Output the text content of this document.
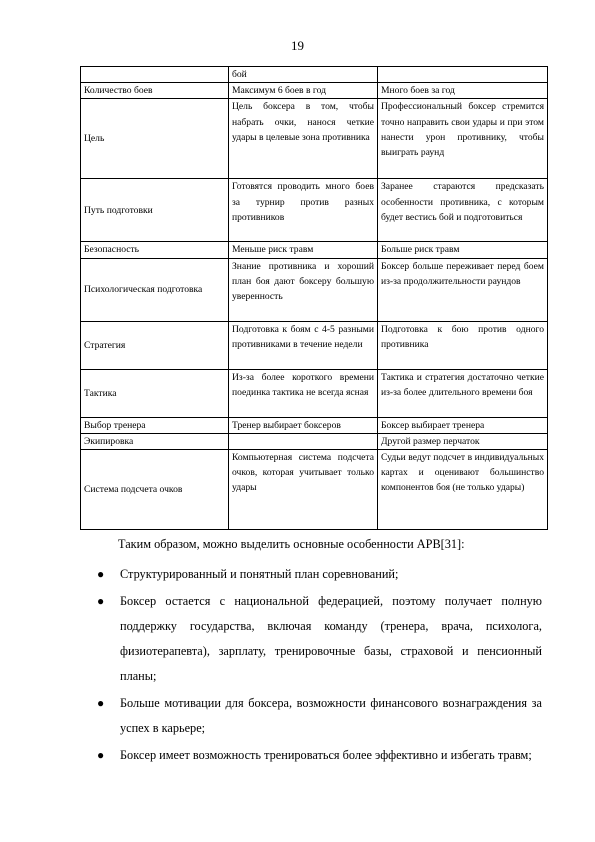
19
	бой	
Количество боев	Максимум 6 боев в год	Много боев за год
Цель	Цель боксера в том, чтобы набрать очки, нанося четкие удары в целевые зона противника	Профессиональный боксер стремится точно направить свои удары и при этом нанести урон противнику, чтобы выиграть раунд
Путь подготовки	Готовятся проводить много боев за турнир против разных противников	Заранее стараются предсказать особенности противника, с которым будет вестись бой и подготовиться
Безопасность	Меньше риск травм	Больше риск травм
Психологическая подготовка	Знание противника и хороший план боя дают боксеру большую уверенность	Боксер больше переживает перед боем из-за продолжительности раундов
Стратегия	Подготовка к боям с 4-5 разными противниками в течение недели	Подготовка к бою против одного противника
Тактика	Из-за более короткого времени поединка тактика не всегда ясная	Тактика и стратегия достаточно четкие из-за более длительного времени боя
Выбор тренера	Тренер выбирает боксеров	Боксер выбирает тренера
Экипировка		Другой размер перчаток
Система подсчета очков	Компьютерная система подсчета очков, которая учитывает только удары	Судьи ведут подсчет в индивидуальных картах и оценивают большинство компонентов боя (не только удары)
Таким образом, можно выделить основные особенности АРВ[31]:
● Структурированный и понятный план соревнований;
● Боксер остается с национальной федерацией, поэтому получает полную поддержку государства, включая команду (тренера, врача, психолога, физиотерапевта), зарплату, тренировочные базы, страховой и пенсионный планы;
● Больше мотивации для боксера, возможности финансового вознаграждения за успех в карьере;
● Боксер имеет возможность тренироваться более эффективно и избегать травм;
